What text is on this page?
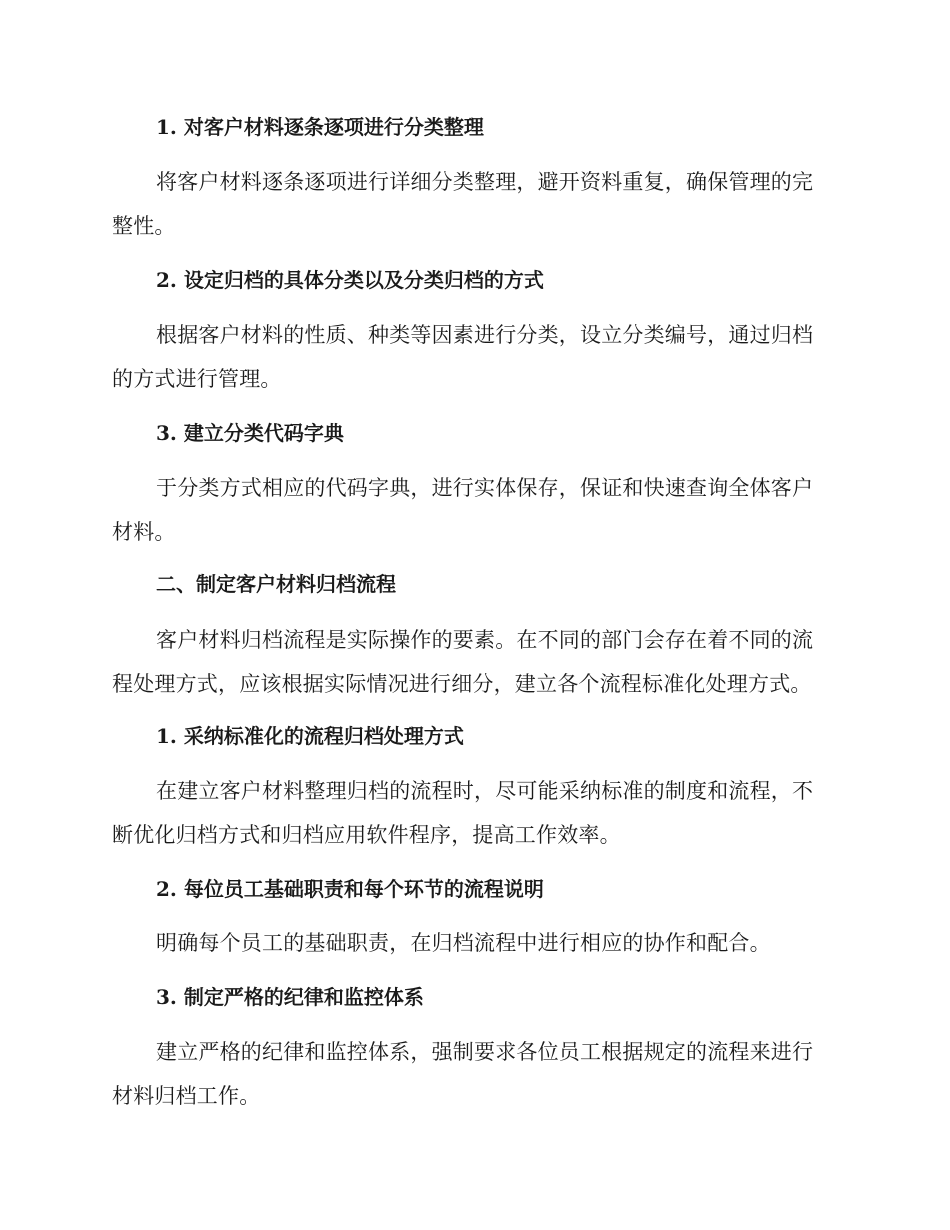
1. 对客户材料逐条逐项进行分类整理
将客户材料逐条逐项进行详细分类整理，避开资料重复，确保管理的完整性。
2. 设定归档的具体分类以及分类归档的方式
根据客户材料的性质、种类等因素进行分类，设立分类编号，通过归档的方式进行管理。
3. 建立分类代码字典
于分类方式相应的代码字典，进行实体保存，保证和快速查询全体客户材料。
二、制定客户材料归档流程
客户材料归档流程是实际操作的要素。在不同的部门会存在着不同的流程处理方式，应该根据实际情况进行细分，建立各个流程标准化处理方式。
1. 采纳标准化的流程归档处理方式
在建立客户材料整理归档的流程时，尽可能采纳标准的制度和流程，不断优化归档方式和归档应用软件程序，提高工作效率。
2. 每位员工基础职责和每个环节的流程说明
明确每个员工的基础职责，在归档流程中进行相应的协作和配合。
3. 制定严格的纪律和监控体系
建立严格的纪律和监控体系，强制要求各位员工根据规定的流程来进行材料归档工作。
